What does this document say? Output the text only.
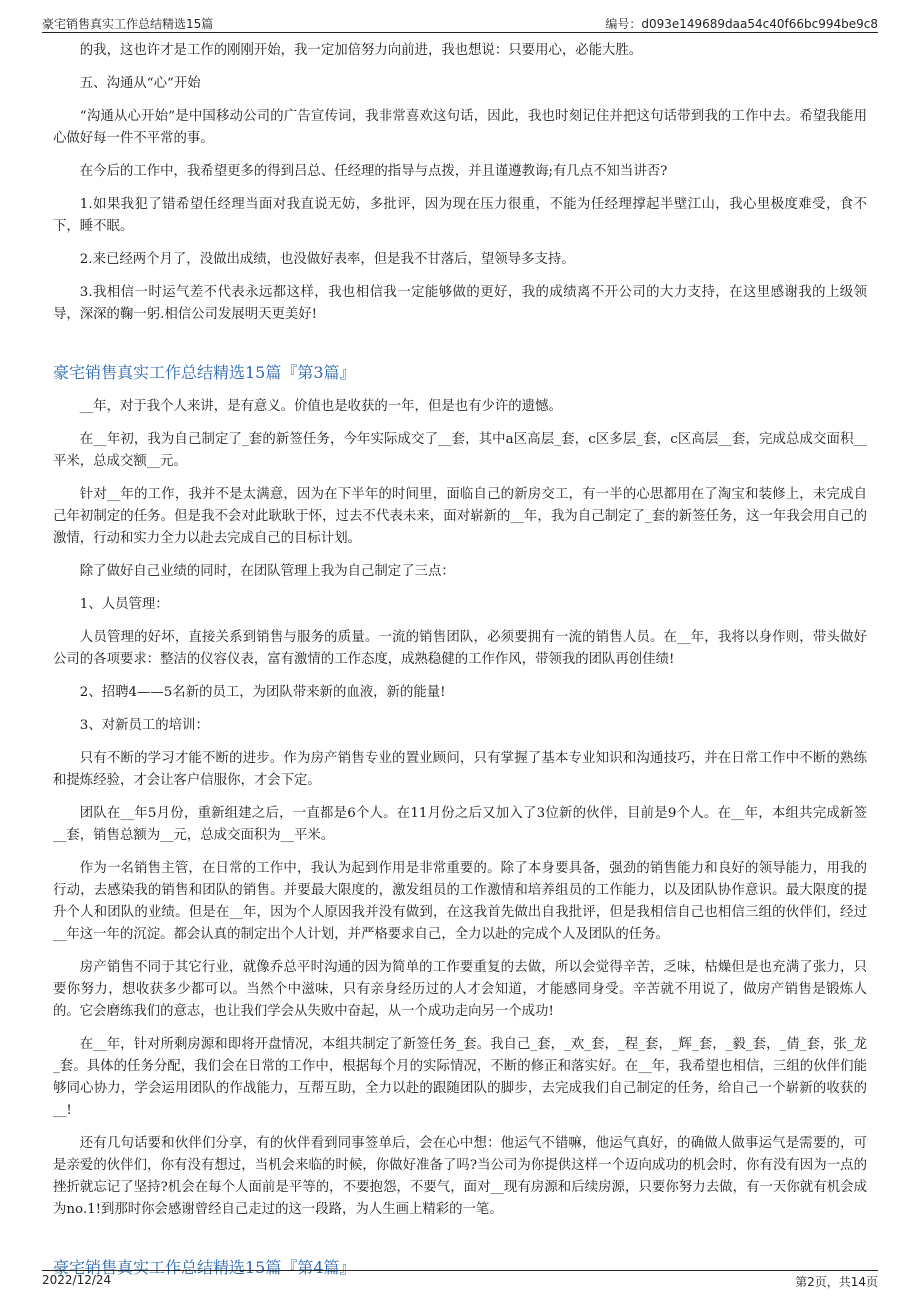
豪宅销售真实工作总结精选15篇	编号：d093e149689daa54c40f66bc994be9c8

的我，这也许才是工作的刚刚开始，我一定加倍努力向前进，我也想说：只要用心，必能大胜。

五、沟通从“心”开始

“沟通从心开始”是中国移动公司的广告宣传词，我非常喜欢这句话，因此，我也时刻记住并把这句话带到我的工作中去。希望我能用心做好每一件不平常的事。

在今后的工作中，我希望更多的得到吕总、任经理的指导与点拨，并且谨遵教诲;有几点不知当讲否?

1.如果我犯了错希望任经理当面对我直说无妨，多批评，因为现在压力很重，不能为任经理撑起半壁江山，我心里极度难受，食不下，睡不眠。

2.来已经两个月了，没做出成绩，也没做好表率，但是我不甘落后，望领导多支持。

3.我相信一时运气差不代表永远都这样，我也相信我一定能够做的更好，我的成绩离不开公司的大力支持，在这里感谢我的上级领导，深深的鞠一躬.相信公司发展明天更美好!

豪宅销售真实工作总结精选15篇『第3篇』

__年，对于我个人来讲，是有意义。价值也是收获的一年，但是也有少许的遗憾。

在__年初，我为自己制定了_套的新签任务，今年实际成交了__套，其中a区高层_套，c区多层_套，c区高层__套，完成总成交面积__平米，总成交额__元。

针对__年的工作，我并不是太满意，因为在下半年的时间里，面临自己的新房交工，有一半的心思都用在了淘宝和装修上，未完成自己年初制定的任务。但是我不会对此耿耿于怀，过去不代表未来，面对崭新的__年，我为自己制定了_套的新签任务，这一年我会用自己的激情，行动和实力全力以赴去完成自己的目标计划。

除了做好自己业绩的同时，在团队管理上我为自己制定了三点：

1、人员管理：

人员管理的好坏，直接关系到销售与服务的质量。一流的销售团队，必须要拥有一流的销售人员。在__年，我将以身作则，带头做好公司的各项要求：整洁的仪容仪表，富有激情的工作态度，成熟稳健的工作作风，带领我的团队再创佳绩!

2、招聘4——5名新的员工，为团队带来新的血液，新的能量!

3、对新员工的培训：

只有不断的学习才能不断的进步。作为房产销售专业的置业顾问，只有掌握了基本专业知识和沟通技巧，并在日常工作中不断的熟练和提炼经验，才会让客户信服你，才会下定。

团队在__年5月份，重新组建之后，一直都是6个人。在11月份之后又加入了3位新的伙伴，目前是9个人。在__年，本组共完成新签__套，销售总额为__元，总成交面积为__平米。

作为一名销售主管，在日常的工作中，我认为起到作用是非常重要的。除了本身要具备，强劲的销售能力和良好的领导能力，用我的行动，去感染我的销售和团队的销售。并要最大限度的，激发组员的工作激情和培养组员的工作能力，以及团队协作意识。最大限度的提升个人和团队的业绩。但是在__年，因为个人原因我并没有做到，在这我首先做出自我批评，但是我相信自己也相信三组的伙伴们，经过__年这一年的沉淀。都会认真的制定出个人计划，并严格要求自己，全力以赴的完成个人及团队的任务。

房产销售不同于其它行业，就像乔总平时沟通的因为简单的工作要重复的去做，所以会觉得辛苦，乏味，枯燥但是也充满了张力，只要你努力，想收获多少都可以。当然个中滋味，只有亲身经历过的人才会知道，才能感同身受。辛苦就不用说了，做房产销售是锻炼人的。它会磨练我们的意志，也让我们学会从失败中奋起，从一个成功走向另一个成功!

在__年，针对所剩房源和即将开盘情况，本组共制定了新签任务_套。我自己_套，_欢_套，_程_套，_辉_套，_毅_套，_倩_套，张_龙_套。具体的任务分配，我们会在日常的工作中，根据每个月的实际情况，不断的修正和落实好。在__年，我希望也相信，三组的伙伴们能够同心协力，学会运用团队的作战能力，互帮互助，全力以赴的跟随团队的脚步，去完成我们自己制定的任务，给自己一个崭新的收获的__!

还有几句话要和伙伴们分享，有的伙伴看到同事签单后，会在心中想：他运气不错嘛，他运气真好，的确做人做事运气是需要的，可是亲爱的伙伴们，你有没有想过，当机会来临的时候，你做好准备了吗?当公司为你提供这样一个迈向成功的机会时，你有没有因为一点的挫折就忘记了坚持?机会在每个人面前是平等的，不要抱怨，不要气，面对__现有房源和后续房源，只要你努力去做，有一天你就有机会成为no.1!到那时你会感谢曾经自己走过的这一段路，为人生画上精彩的一笔。

豪宅销售真实工作总结精选15篇『第4篇』
2022/12/24	第2页，共14页
